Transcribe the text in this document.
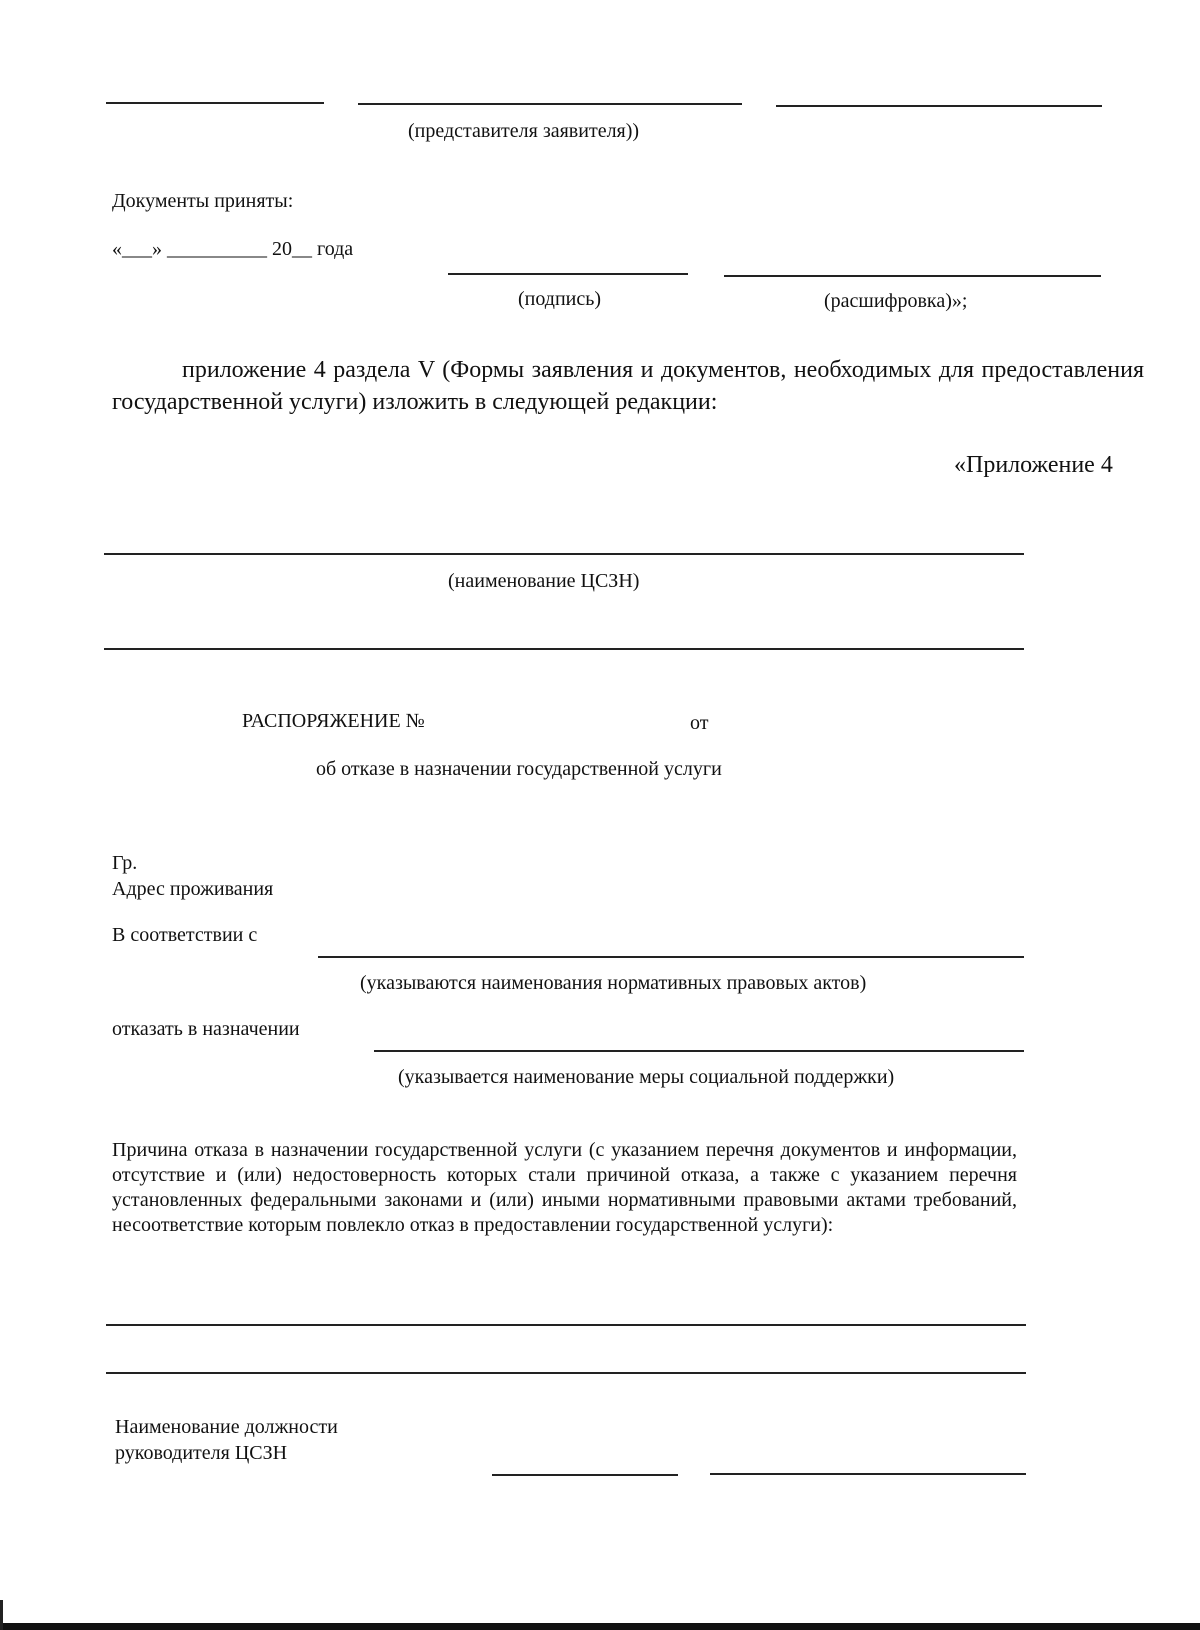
(представителя заявителя))
Документы приняты:
«___» __________ 20__ года
(подпись)	(расшифровка)»;
приложение 4 раздела V (Формы заявления и документов, необходимых для предоставления государственной услуги) изложить в следующей редакции:
«Приложение 4
(наименование ЦСЗН)
РАСПОРЯЖЕНИЕ №	от
об отказе в назначении государственной услуги
Гр.
Адрес проживания
В соответствии с
(указываются наименования нормативных правовых актов)
отказать в назначении
(указывается наименование меры социальной поддержки)
Причина отказа в назначении государственной услуги (с указанием перечня документов и информации, отсутствие и (или) недостоверность которых стали причиной отказа, а также с указанием перечня установленных федеральными законами и (или) иными нормативными правовыми актами требований, несоответствие которым повлекло отказ в предоставлении государственной услуги):
Наименование должности
руководителя ЦСЗН
